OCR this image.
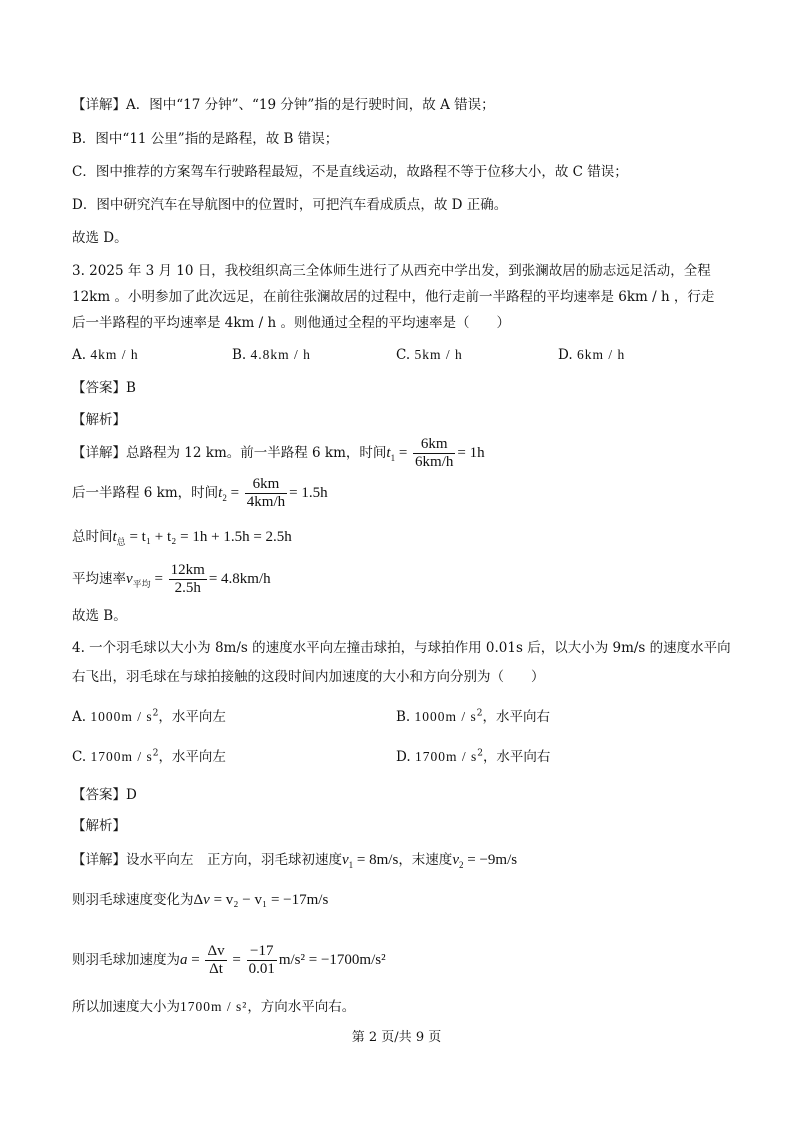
【详解】A．图中“17 分钟”、“19 分钟”指的是行驶时间，故 A 错误；
B．图中“11 公里”指的是路程，故 B 错误；
C．图中推荐的方案驾车行驶路程最短，不是直线运动，故路程不等于位移大小，故 C 错误；
D．图中研究汽车在导航图中的位置时，可把汽车看成质点，故 D 正确。
故选 D。
3. 2025 年 3 月 10 日，我校组织高三全体师生进行了从西充中学出发，到张澜故居的励志远足活动，全程
12km 。小明参加了此次远足，在前往张澜故居的过程中，他行走前一半路程的平均速率是 6km / h ，行走
后一半路程的平均速率是 4km / h 。则他通过全程的平均速率是（　　）
A. 4km / h	B. 4.8km / h	C. 5km / h	D. 6km / h
【答案】B
【解析】
【详解】总路程为 12 km。前一半路程 6 km，时间$t_1 = \frac{6km}{6km/h} = 1h$
后一半路程 6 km，时间$t_2 = \frac{6km}{4km/h} = 1.5h$
总时间$t_总 = t_1 + t_2 = 1h + 1.5h = 2.5h$
平均速率$v_{平均} = \frac{12km}{2.5h} = 4.8km/h$
故选 B。
4. 一个羽毛球以大小为 8m/s 的速度水平向左撞击球拍，与球拍作用 0.01s 后，以大小为 9m/s 的速度水平向
右飞出，羽毛球在与球拍接触的这段时间内加速度的大小和方向分别为（　　）
A. $1000m / s^2$，水平向左	B. $1000m / s^2$，水平向右
C. $1700m / s^2$，水平向左	D. $1700m / s^2$，水平向右
【答案】D
【解析】
【详解】设水平向左　正方向，羽毛球初速度$v_1 = 8m/s$，末速度$v_2 = -9m/s$
则羽毛球速度变化为Δv = v₂ − v₁ = −17m/s
则羽毛球加速度为$a = \frac{\Delta v}{\Delta t} = \frac{-17}{0.01} m/s^2 = -1700m/s^2$
所以加速度大小为1700m / s²，方向水平向右。
第 2 页/共 9 页
